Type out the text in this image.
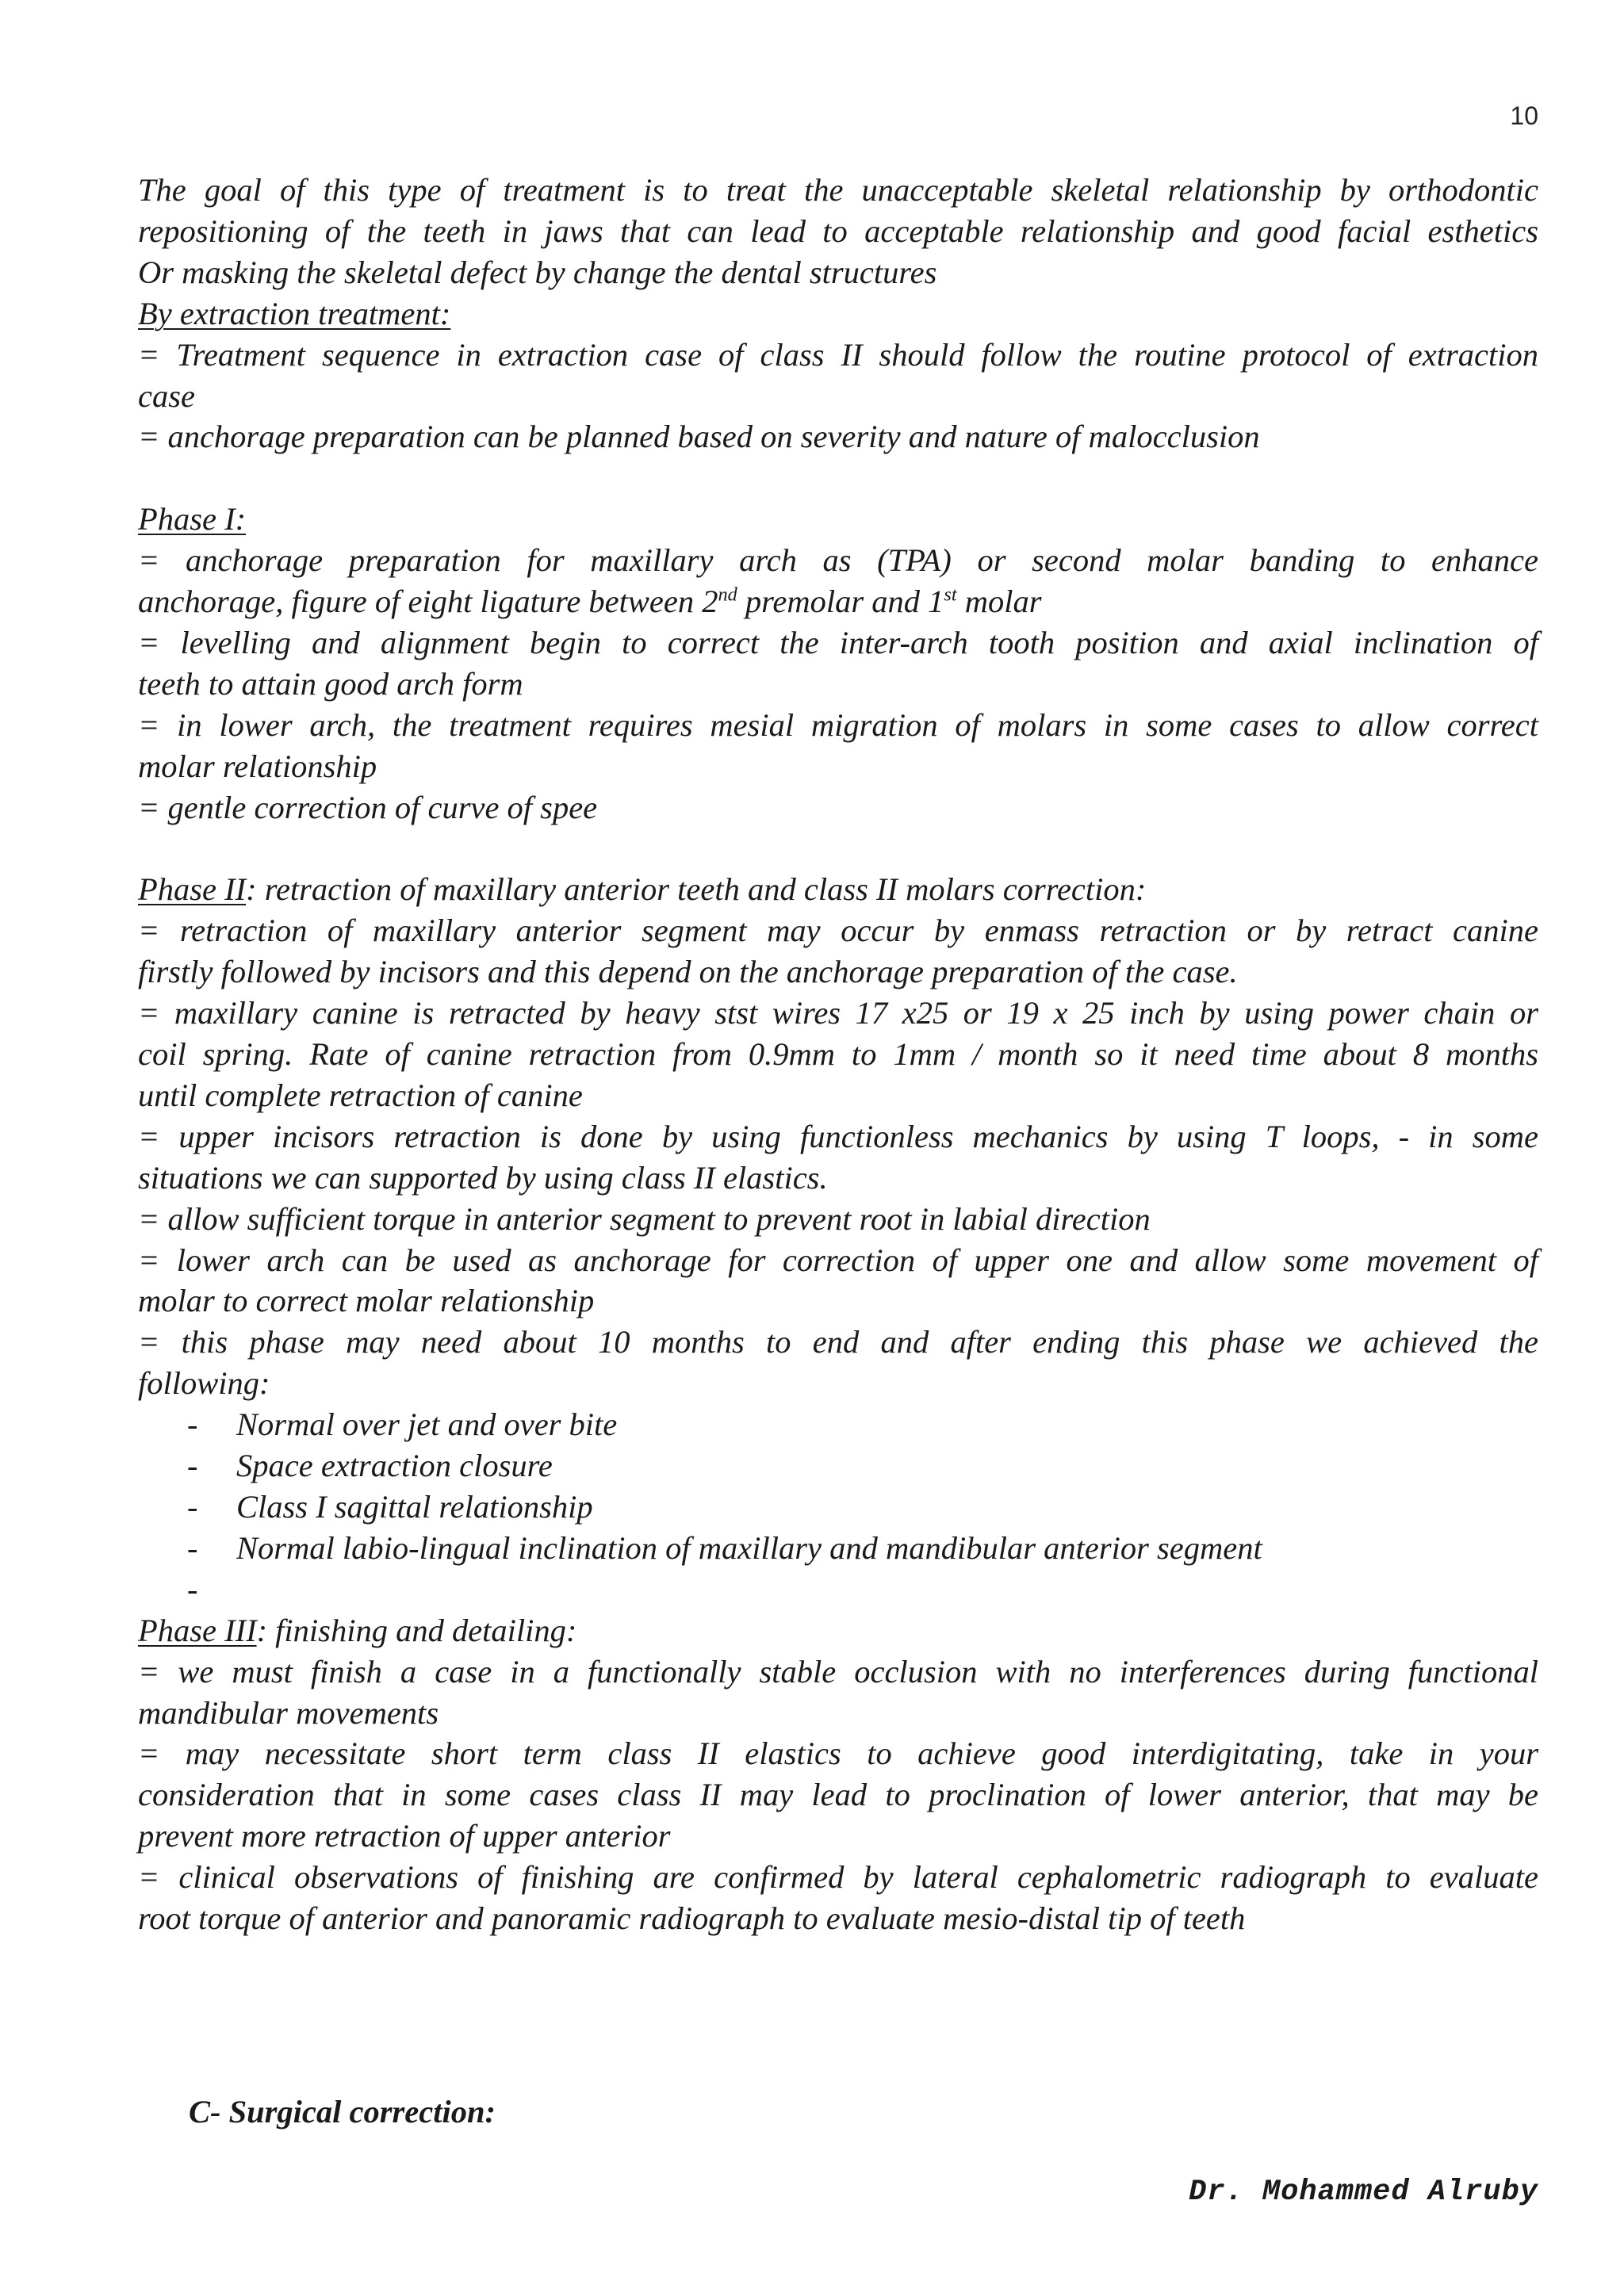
10
The goal of this type of treatment is to treat the unacceptable skeletal relationship by orthodontic
repositioning of the teeth in jaws that can lead to acceptable relationship and good facial esthetics
Or masking the skeletal defect by change the dental structures
By extraction treatment:
= Treatment sequence in extraction case of class II should follow the routine protocol of extraction
case
= anchorage preparation can be planned based on severity and nature of malocclusion
Phase I:
= anchorage preparation for maxillary arch as (TPA) or second molar banding to enhance
anchorage, figure of eight ligature between 2nd premolar and 1st molar
= levelling and alignment begin to correct the inter-arch tooth position and axial inclination of
teeth to attain good arch form
= in lower arch, the treatment requires mesial migration of molars in some cases to allow correct
molar relationship
= gentle correction of curve of spee
Phase II: retraction of maxillary anterior teeth and class II molars correction:
= retraction of maxillary anterior segment may occur by enmass retraction or by retract canine
firstly followed by incisors and this depend on the anchorage preparation of the case.
= maxillary canine is retracted by heavy stst wires 17 x25 or 19 x 25 inch by using power chain or
coil spring. Rate of canine retraction from 0.9mm to 1mm / month so it need time about 8 months
until complete retraction of canine
= upper incisors retraction is done by using functionless mechanics by using T loops, - in some
situations we can supported by using class II elastics.
= allow sufficient torque in anterior segment to prevent root in labial direction
= lower arch can be used as anchorage for correction of upper one and allow some movement of
molar to correct molar relationship
= this phase may need about 10 months to end and after ending this phase we achieved the
following:
- Normal over jet and over bite
- Space extraction closure
- Class I sagittal relationship
- Normal labio-lingual inclination of maxillary and mandibular anterior segment
-
Phase III: finishing and detailing:
= we must finish a case in a functionally stable occlusion with no interferences during functional
mandibular movements
= may necessitate short term class II elastics to achieve good interdigitating, take in your
consideration that in some cases class II may lead to proclination of lower anterior, that may be
prevent more retraction of upper anterior
= clinical observations of finishing are confirmed by lateral cephalometric radiograph to evaluate
root torque of anterior and panoramic radiograph to evaluate mesio-distal tip of teeth
C- Surgical correction:
Dr. Mohammed Alruby
